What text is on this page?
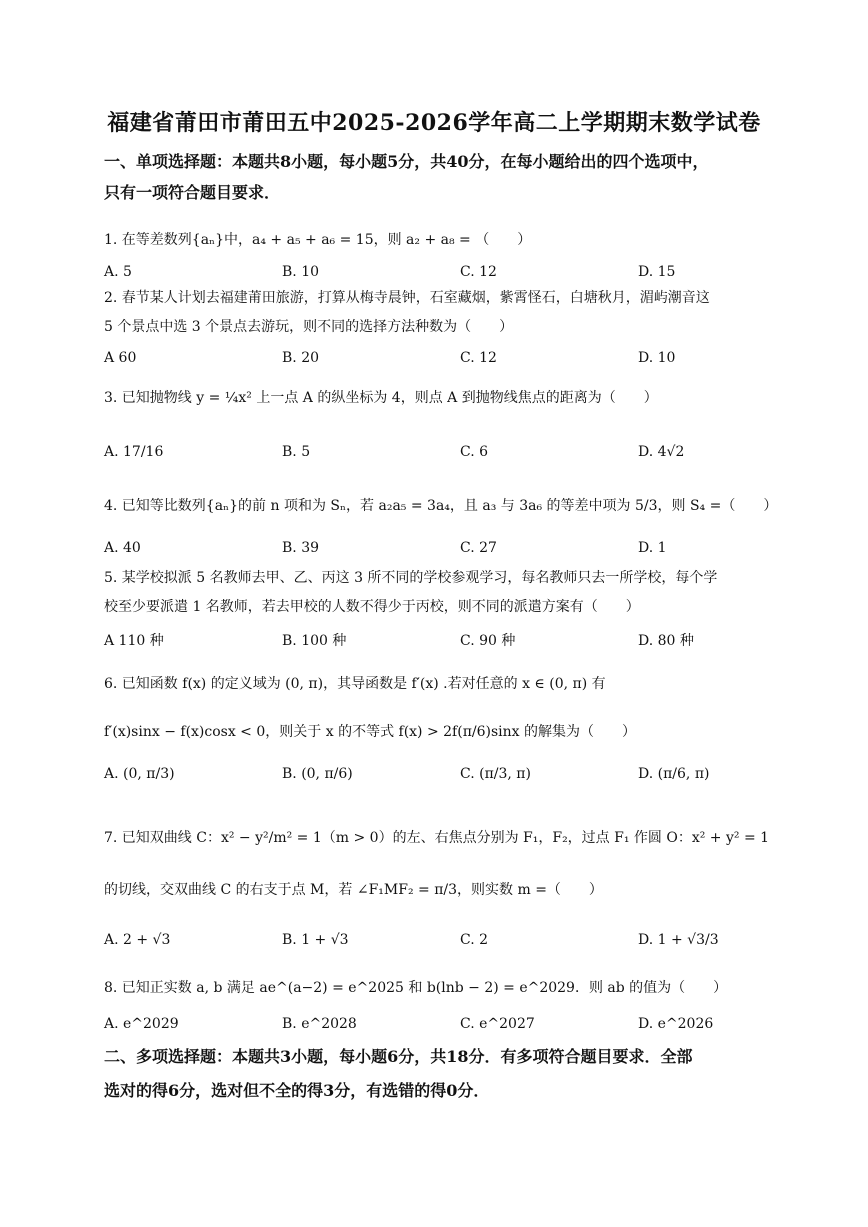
福建省莆田市莆田五中2025-2026学年高二上学期期末数学试卷
一、单项选择题：本题共8小题，每小题5分，共40分，在每小题给出的四个选项中，
只有一项符合题目要求．
1. 在等差数列{aₙ}中，a₄ + a₅ + a₆ = 15，则 a₂ + a₈ = （　　）
A. 5	B. 10	C. 12	D. 15
2. 春节某人计划去福建莆田旅游，打算从梅寺晨钟，石室藏烟，紫霄怪石，白塘秋月，湄屿潮音这
5 个景点中选 3 个景点去游玩，则不同的选择方法种数为（　　）
A 60	B. 20	C. 12	D. 10
3. 已知抛物线 y = ¼x² 上一点 A 的纵坐标为 4，则点 A 到抛物线焦点的距离为（　　）
A. 17/16	B. 5	C. 6	D. 4√2
4. 已知等比数列{aₙ}的前 n 项和为 Sₙ，若 a₂a₅ = 3a₄，且 a₃ 与 3a₆ 的等差中项为 5/3，则 S₄ =（　　）
A. 40	B. 39	C. 27	D. 1
5. 某学校拟派 5 名教师去甲、乙、丙这 3 所不同的学校参观学习，每名教师只去一所学校，每个学
校至少要派遣 1 名教师，若去甲校的人数不得少于丙校，则不同的派遣方案有（　　）
A 110 种	B. 100 种	C. 90 种	D. 80 种
6. 已知函数 f(x) 的定义域为 (0, π)，其导函数是 f′(x) .若对任意的 x ∈ (0, π) 有
f′(x)sinx − f(x)cosx < 0，则关于 x 的不等式 f(x) > 2f(π/6)sinx 的解集为（　　）
A. (0, π/3)	B. (0, π/6)	C. (π/3, π)	D. (π/6, π)
7. 已知双曲线 C：x² − y²/m² = 1（m > 0）的左、右焦点分别为 F₁，F₂，过点 F₁ 作圆 O：x² + y² = 1
的切线，交双曲线 C 的右支于点 M，若 ∠F₁MF₂ = π/3，则实数 m =（　　）
A. 2 + √3	B. 1 + √3	C. 2	D. 1 + √3/3
8. 已知正实数 a, b 满足 ae^(a−2) = e^2025 和 b(lnb − 2) = e^2029．则 ab 的值为（　　）
A. e^2029	B. e^2028	C. e^2027	D. e^2026
二、多项选择题：本题共3小题，每小题6分，共18分．有多项符合题目要求．全部
选对的得6分，选对但不全的得3分，有选错的得0分．
